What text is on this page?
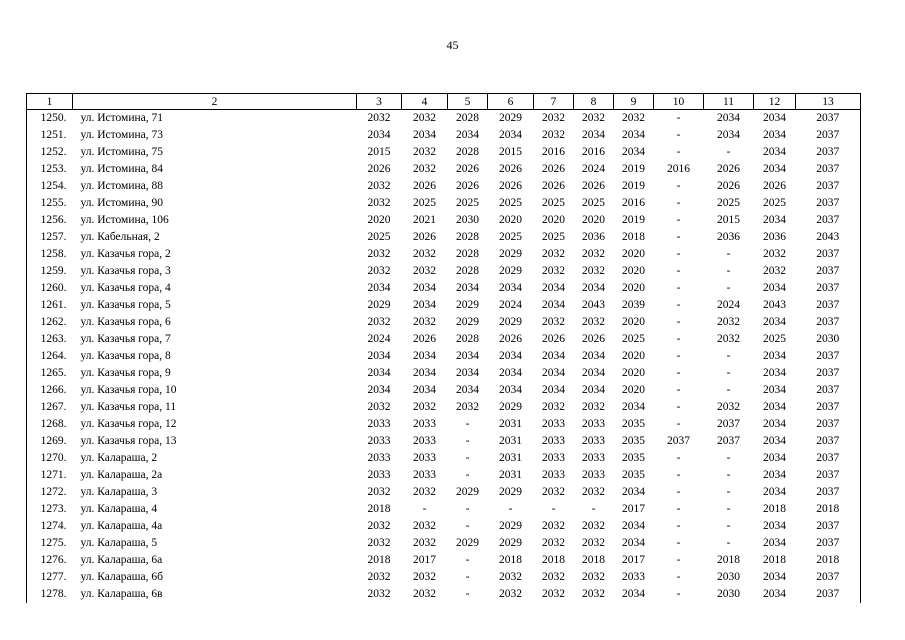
45
1	2	3	4	5	6	7	8	9	10	11	12	13
1250.	ул. Истомина, 71	2032	2032	2028	2029	2032	2032	2032	-	2034	2034	2037
1251.	ул. Истомина, 73	2034	2034	2034	2034	2032	2034	2034	-	2034	2034	2037
1252.	ул. Истомина, 75	2015	2032	2028	2015	2016	2016	2034	-	-	2034	2037
1253.	ул. Истомина, 84	2026	2032	2026	2026	2026	2024	2019	2016	2026	2034	2037
1254.	ул. Истомина, 88	2032	2026	2026	2026	2026	2026	2019	-	2026	2026	2037
1255.	ул. Истомина, 90	2032	2025	2025	2025	2025	2025	2016	-	2025	2025	2037
1256.	ул. Истомина, 106	2020	2021	2030	2020	2020	2020	2019	-	2015	2034	2037
1257.	ул. Кабельная, 2	2025	2026	2028	2025	2025	2036	2018	-	2036	2036	2043
1258.	ул. Казачья гора, 2	2032	2032	2028	2029	2032	2032	2020	-	-	2032	2037
1259.	ул. Казачья гора, 3	2032	2032	2028	2029	2032	2032	2020	-	-	2032	2037
1260.	ул. Казачья гора, 4	2034	2034	2034	2034	2034	2034	2020	-	-	2034	2037
1261.	ул. Казачья гора, 5	2029	2034	2029	2024	2034	2043	2039	-	2024	2043	2037
1262.	ул. Казачья гора, 6	2032	2032	2029	2029	2032	2032	2020	-	2032	2034	2037
1263.	ул. Казачья гора, 7	2024	2026	2028	2026	2026	2026	2025	-	2032	2025	2030
1264.	ул. Казачья гора, 8	2034	2034	2034	2034	2034	2034	2020	-	-	2034	2037
1265.	ул. Казачья гора, 9	2034	2034	2034	2034	2034	2034	2020	-	-	2034	2037
1266.	ул. Казачья гора, 10	2034	2034	2034	2034	2034	2034	2020	-	-	2034	2037
1267.	ул. Казачья гора, 11	2032	2032	2032	2029	2032	2032	2034	-	2032	2034	2037
1268.	ул. Казачья гора, 12	2033	2033	-	2031	2033	2033	2035	-	2037	2034	2037
1269.	ул. Казачья гора, 13	2033	2033	-	2031	2033	2033	2035	2037	2037	2034	2037
1270.	ул. Калараша, 2	2033	2033	-	2031	2033	2033	2035	-	-	2034	2037
1271.	ул. Калараша, 2а	2033	2033	-	2031	2033	2033	2035	-	-	2034	2037
1272.	ул. Калараша, 3	2032	2032	2029	2029	2032	2032	2034	-	-	2034	2037
1273.	ул. Калараша, 4	2018	-	-	-	-	-	2017	-	-	2018	2018
1274.	ул. Калараша, 4а	2032	2032	-	2029	2032	2032	2034	-	-	2034	2037
1275.	ул. Калараша, 5	2032	2032	2029	2029	2032	2032	2034	-	-	2034	2037
1276.	ул. Калараша, 6а	2018	2017	-	2018	2018	2018	2017	-	2018	2018	2018
1277.	ул. Калараша, 6б	2032	2032	-	2032	2032	2032	2033	-	2030	2034	2037
1278.	ул. Калараша, 6в	2032	2032	-	2032	2032	2032	2034	-	2030	2034	2037
